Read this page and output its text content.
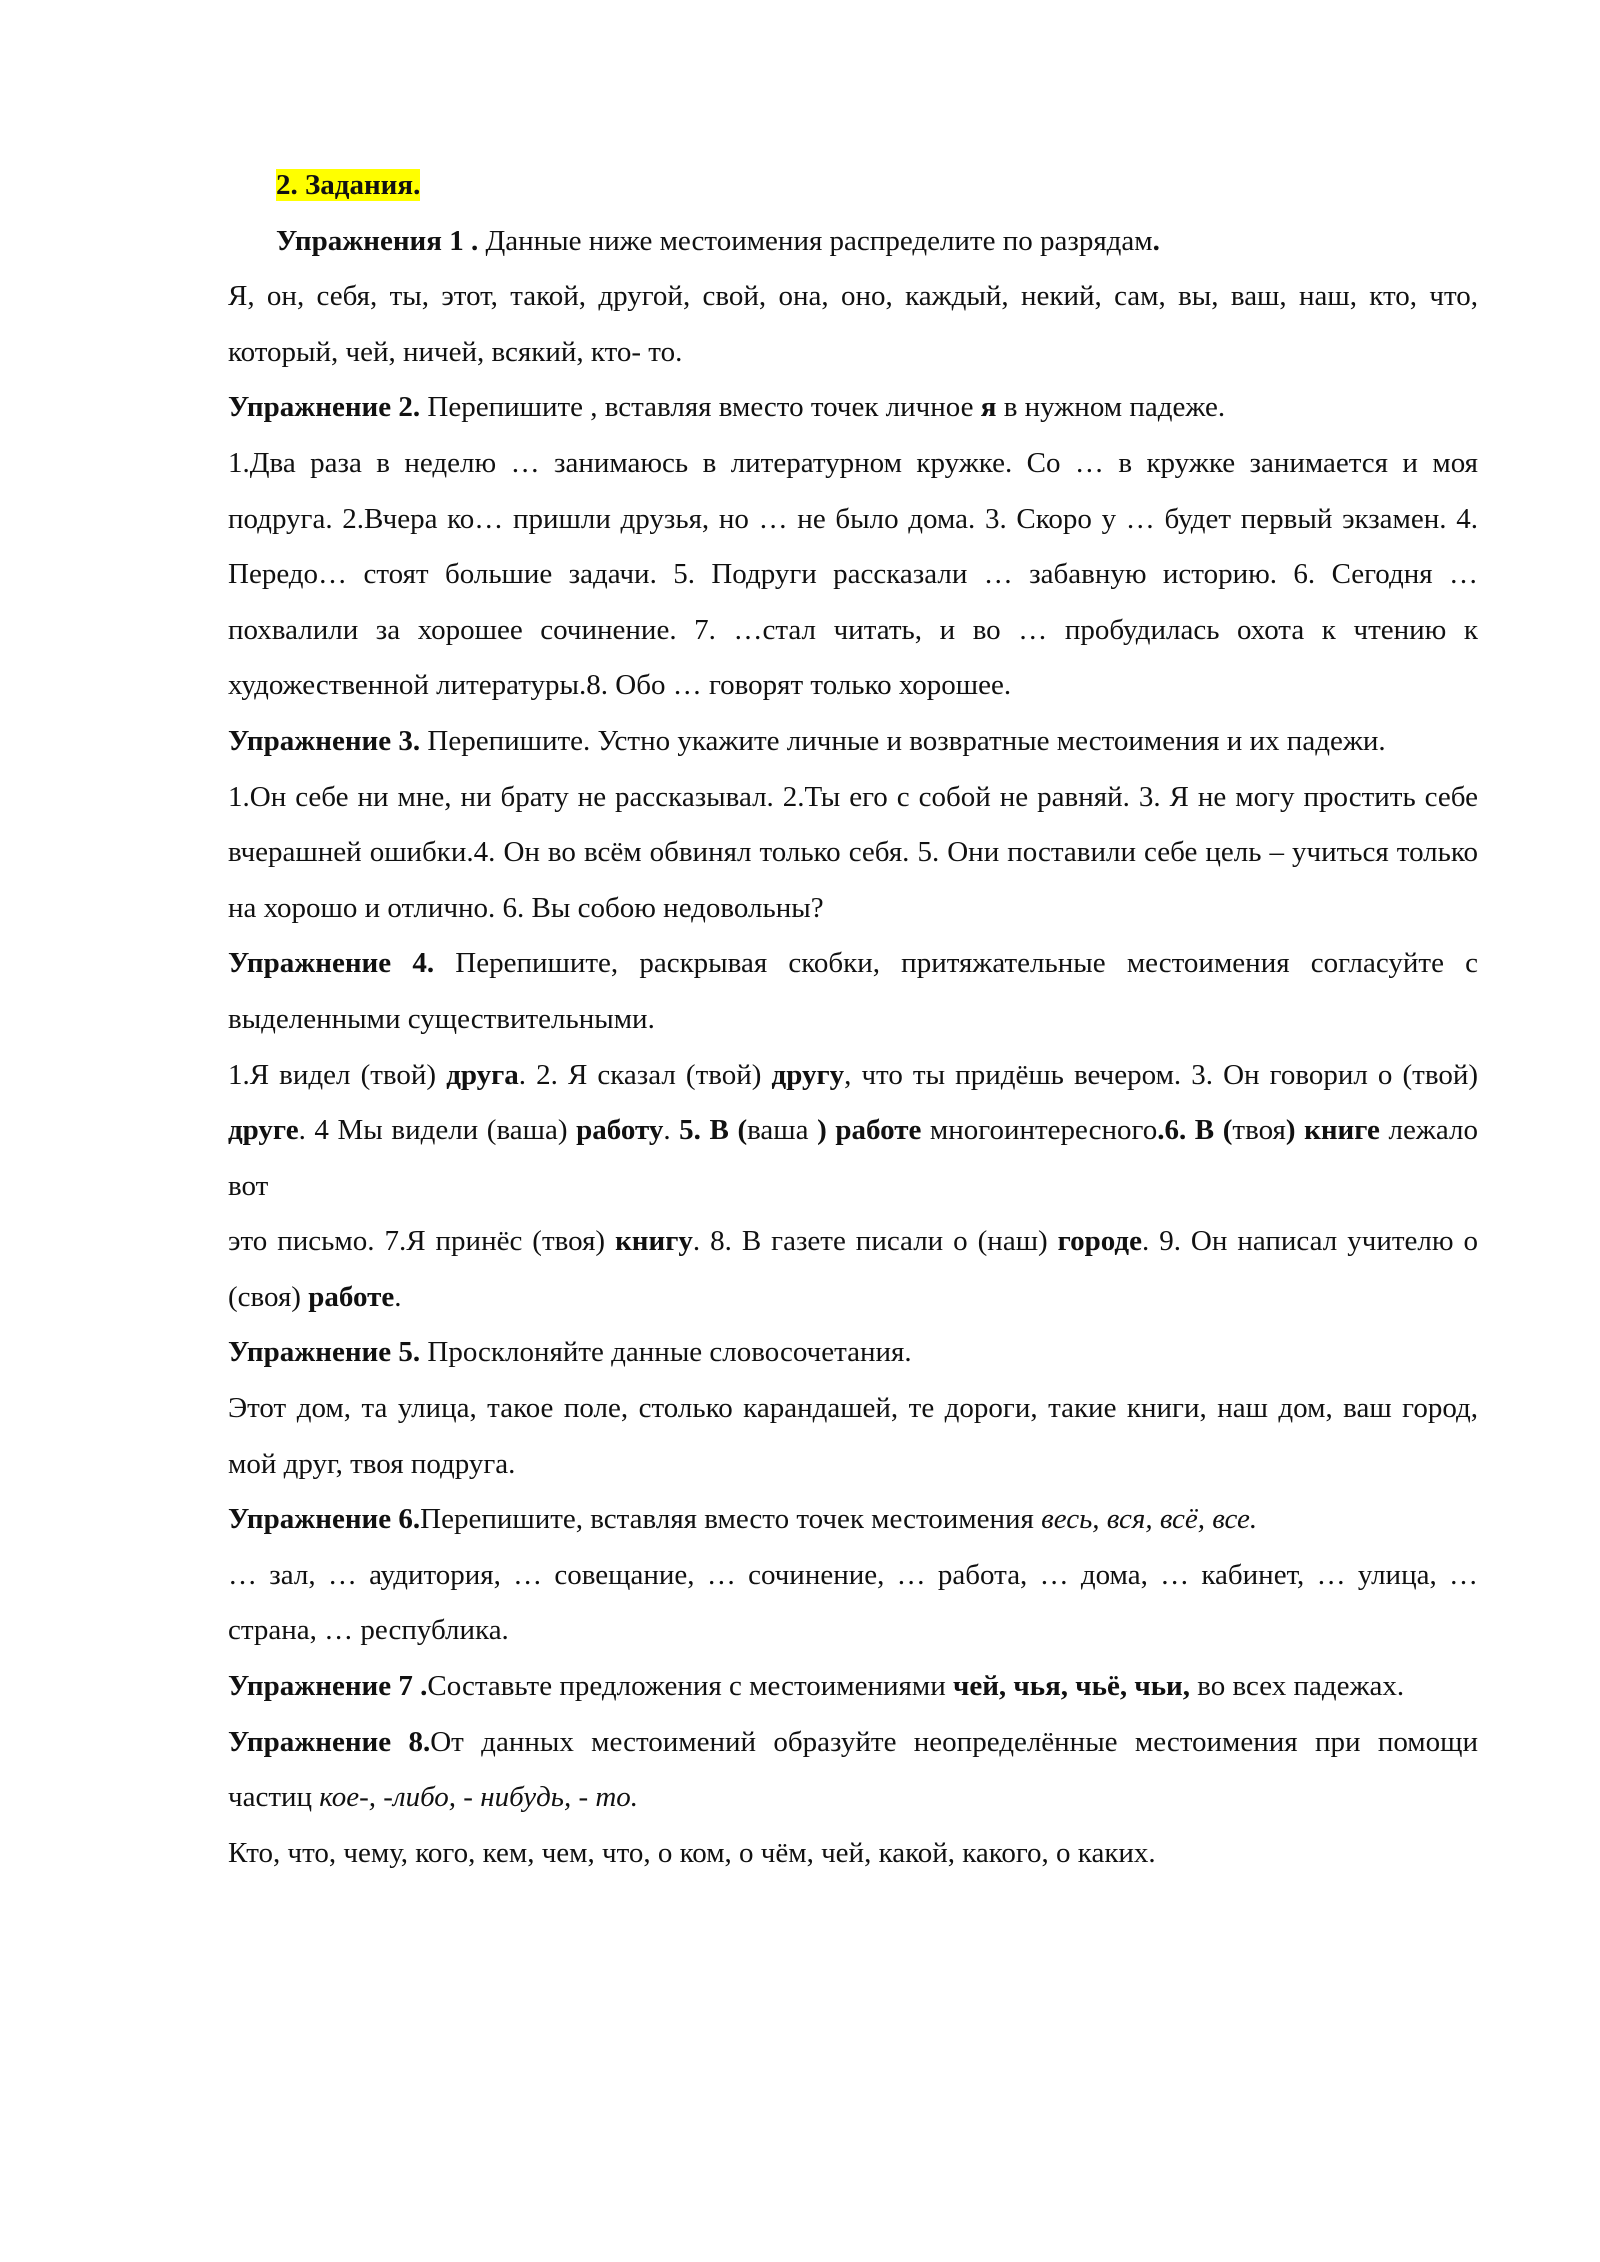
2. Задания.

Упражнения 1 . Данные ниже местоимения распределите по разрядам.

Я, он, себя, ты, этот, такой, другой, свой, она, оно, каждый, некий, сам, вы, ваш, наш, кто, что, который, чей, ничей, всякий, кто- то.

Упражнение 2. Перепишите , вставляя вместо точек личное я в нужном падеже.

1.Два раза в неделю … занимаюсь в литературном кружке. Со … в кружке занимается и моя подруга. 2.Вчера ко… пришли друзья, но … не было дома. 3. Скоро у … будет первый экзамен. 4. Передо… стоят большие задачи. 5. Подруги рассказали … забавную историю. 6. Сегодня … похвалили за хорошее сочинение. 7. …стал читать, и во … пробудилась охота к чтению к художественной литературы.8. Обо … говорят только хорошее.

Упражнение 3. Перепишите. Устно укажите личные и возвратные местоимения и их падежи.

1.Он себе ни мне, ни брату не рассказывал. 2.Ты его с собой не равняй. 3. Я не могу простить себе вчерашней ошибки.4. Он во всём обвинял только себя. 5. Они поставили себе цель – учиться только на хорошо и отлично. 6. Вы собою недовольны?

Упражнение 4. Перепишите, раскрывая скобки, притяжательные местоимения согласуйте с выделенными существительными.

1.Я видел (твой) друга. 2. Я сказал (твой) другу, что ты придёшь вечером. 3. Он говорил о (твой) друге. 4 Мы видели (ваша) работу. 5. В (ваша ) работе многоинтересного.6. В (твоя) книге лежало вот

это письмо. 7.Я принёс (твоя) книгу. 8. В газете писали о (наш) городе. 9. Он написал учителю о (своя) работе.

Упражнение 5. Просклоняйте данные словосочетания.

Этот дом, та улица, такое поле, столько карандашей, те дороги, такие книги, наш дом, ваш город, мой друг, твоя подруга.

Упражнение 6.Перепишите, вставляя вместо точек местоимения весь, вся, всё, все.

… зал, … аудитория, … совещание, … сочинение, … работа, … дома, … кабинет, … улица, … страна, … республика.

Упражнение 7 .Составьте предложения с местоимениями чей, чья, чьё, чьи, во всех падежах.

Упражнение 8.От данных местоимений образуйте неопределённые местоимения при помощи частиц кое-, -либо, - нибудь, - то.

Кто, что, чему, кого, кем, чем, что, о ком, о чём, чей, какой, какого, о каких.
